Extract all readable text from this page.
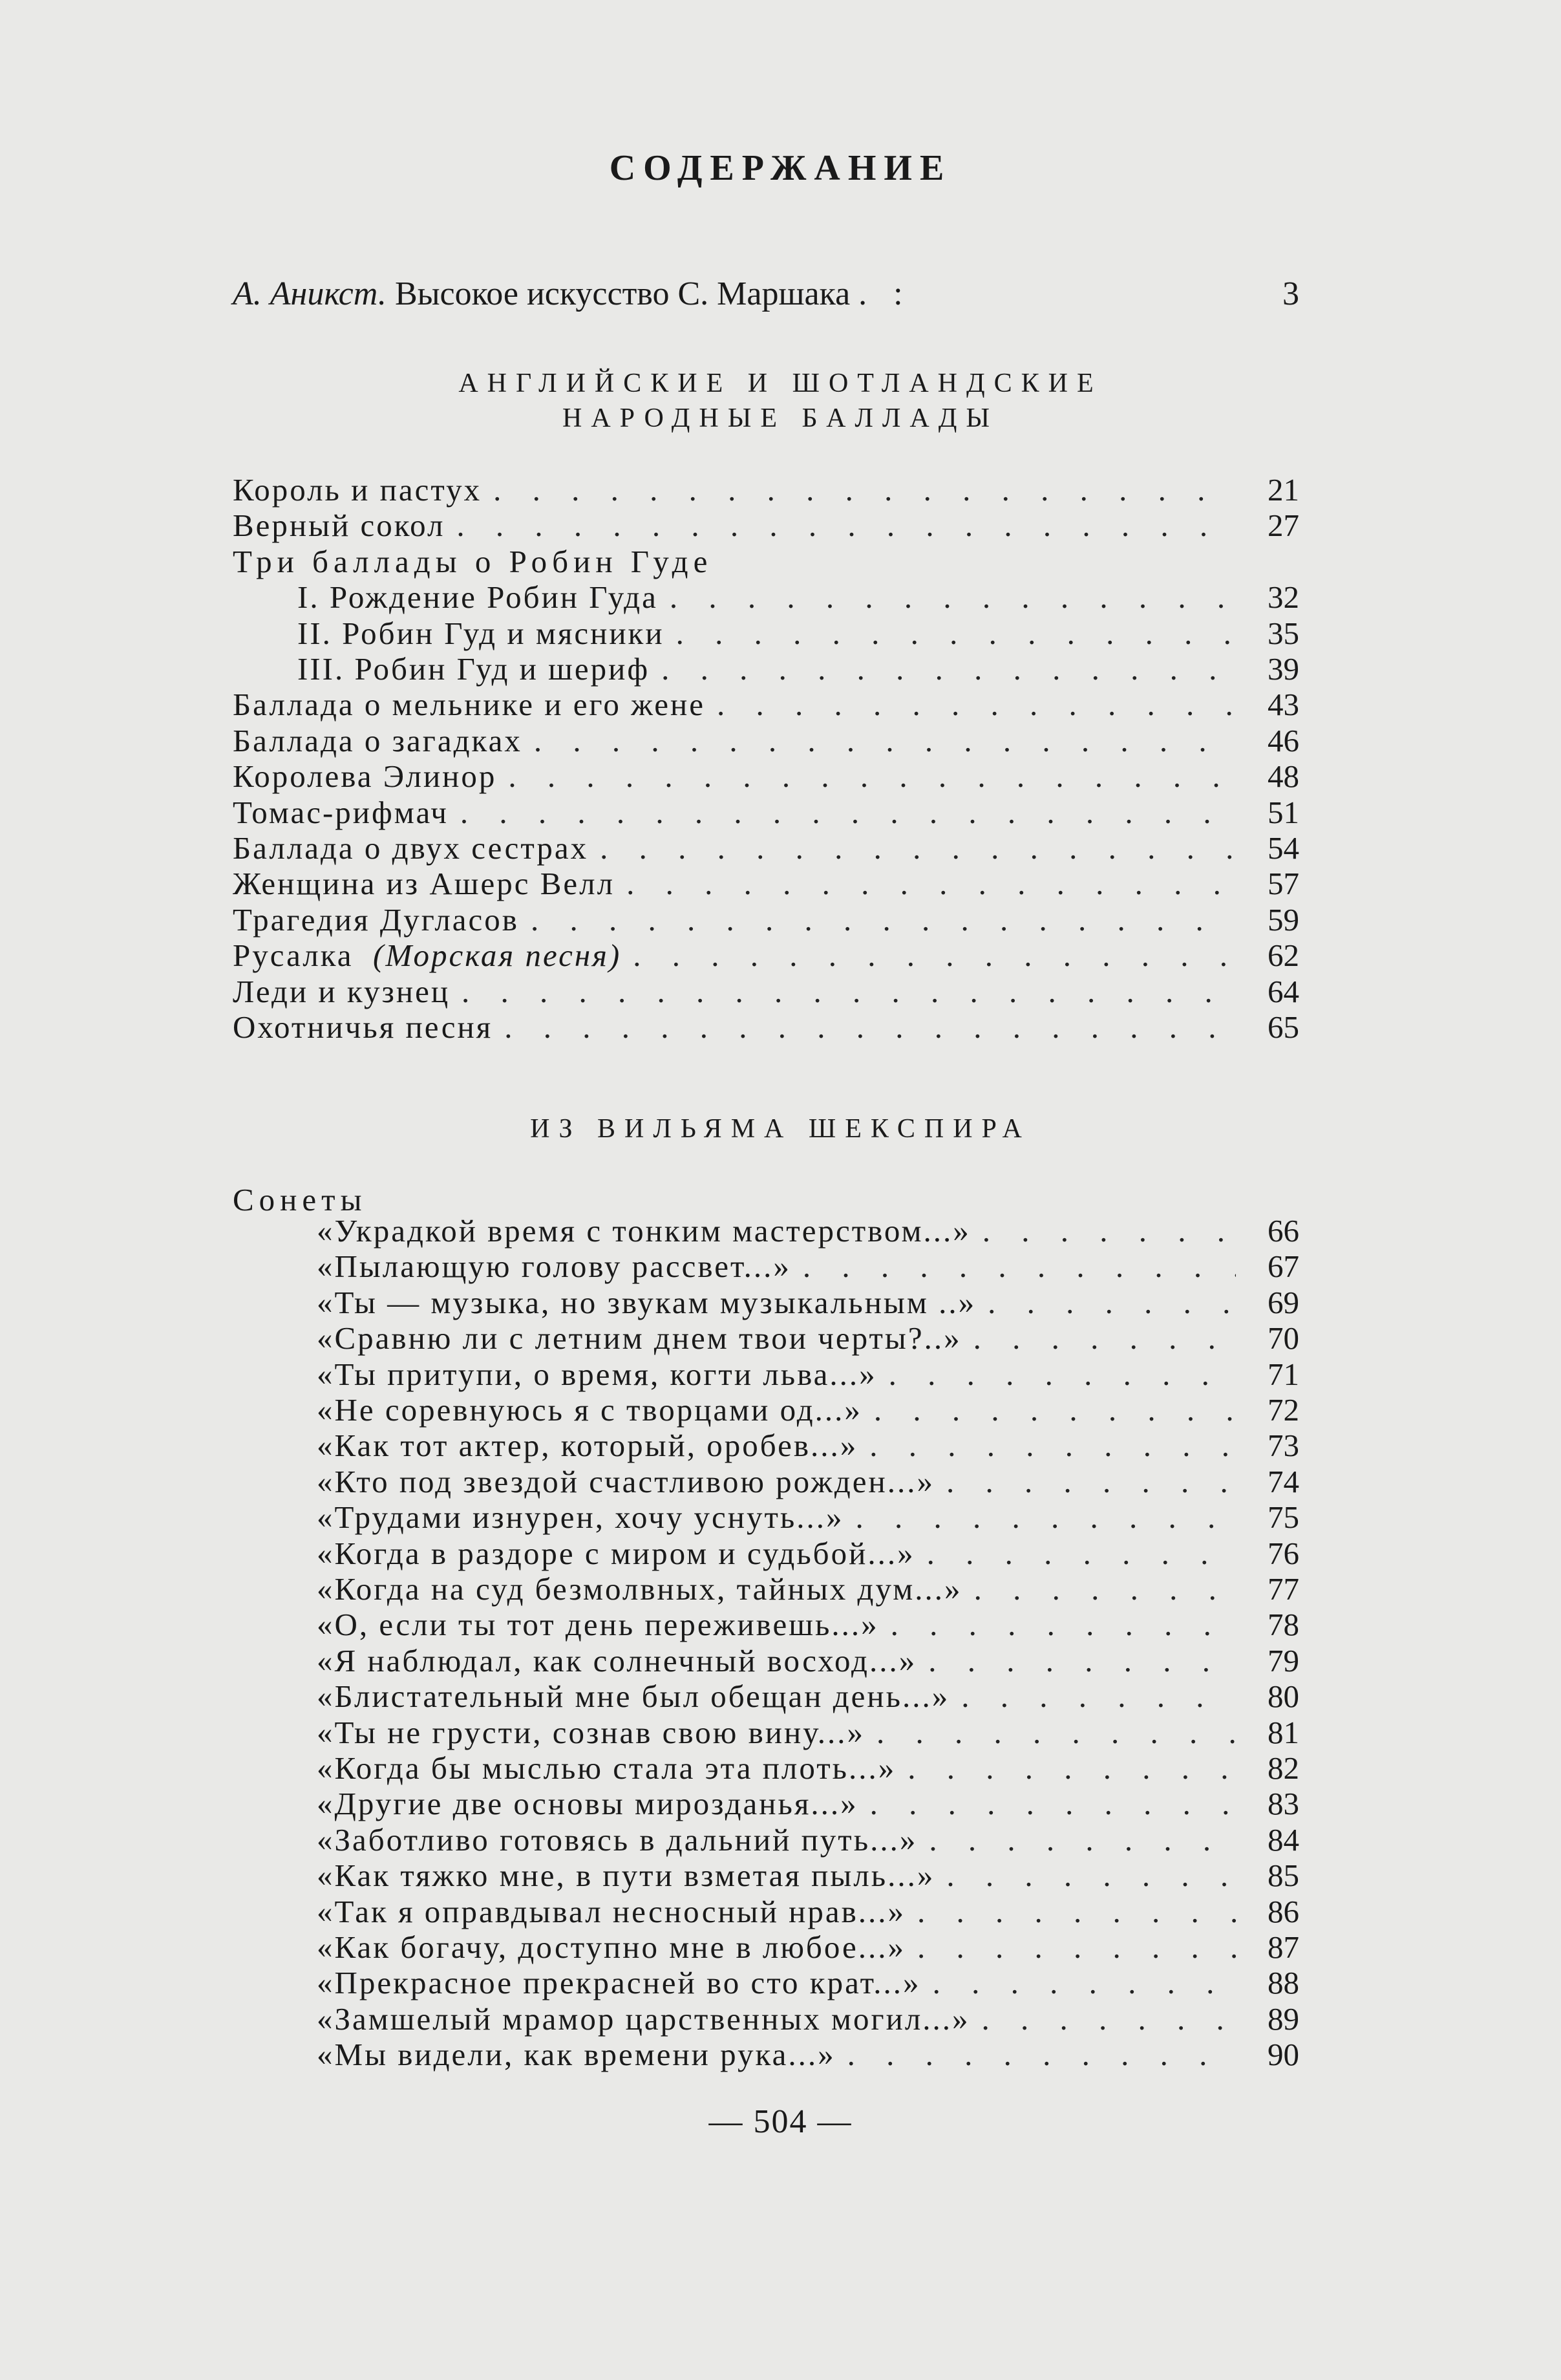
СОДЕРЖАНИЕ
А. Аникст. Высокое искусство С. Маршака . :	3
АНГЛИЙСКИЕ И ШОТЛАНДСКИЕ
НАРОДНЫЕ БАЛЛАДЫ
Король и пастух . . .	21
Верный сокол . . .	27
Три баллады о Робин Гуде
I. Рождение Робин Гуда . . .	32
II. Робин Гуд и мясники . . .	35
III. Робин Гуд и шериф . . .	39
Баллада о мельнике и его жене . . .	43
Баллада о загадках . . .	46
Королева Элинор . . .	48
Томас-рифмач . . .	51
Баллада о двух сестрах . . .	54
Женщина из Ашерс Велл . . .	57
Трагедия Дугласов . . .	59
Русалка (Морская песня) . . .	62
Леди и кузнец . . .	64
Охотничья песня . . .	65
ИЗ ВИЛЬЯМА ШЕКСПИРА
Сонеты
«Украдкой время с тонким мастерством...» . . .	66
«Пылающую голову рассвет...» . . .	67
«Ты — музыка, но звукам музыкальным ..» . . .	69
«Сравню ли с летним днем твои черты?..» . . .	70
«Ты притупи, о время, когти льва...» . . .	71
«Не соревнуюсь я с творцами од...» . . .	72
«Как тот актер, который, оробев...» . . .	73
«Кто под звездой счастливою рожден...» . . .	74
«Трудами изнурен, хочу уснуть...» . . .	75
«Когда в раздоре с миром и судьбой...» . . .	76
«Когда на суд безмолвных, тайных дум...» . . .	77
«О, если ты тот день переживешь...» . . .	78
«Я наблюдал, как солнечный восход...» . . .	79
«Блистательный мне был обещан день...» . . .	80
«Ты не грусти, сознав свою вину...» . . .	81
«Когда бы мыслью стала эта плоть...» . . .	82
«Другие две основы мирозданья...» . . .	83
«Заботливо готовясь в дальний путь...» . . .	84
«Как тяжко мне, в пути взметая пыль...» . . .	85
«Так я оправдывал несносный нрав...» . . .	86
«Как богачу, доступно мне в любое...» . . .	87
«Прекрасное прекрасней во сто крат...» . . .	88
«Замшелый мрамор царственных могил...» . . .	89
«Мы видели, как времени рука...» . . .	90
— 504 —
